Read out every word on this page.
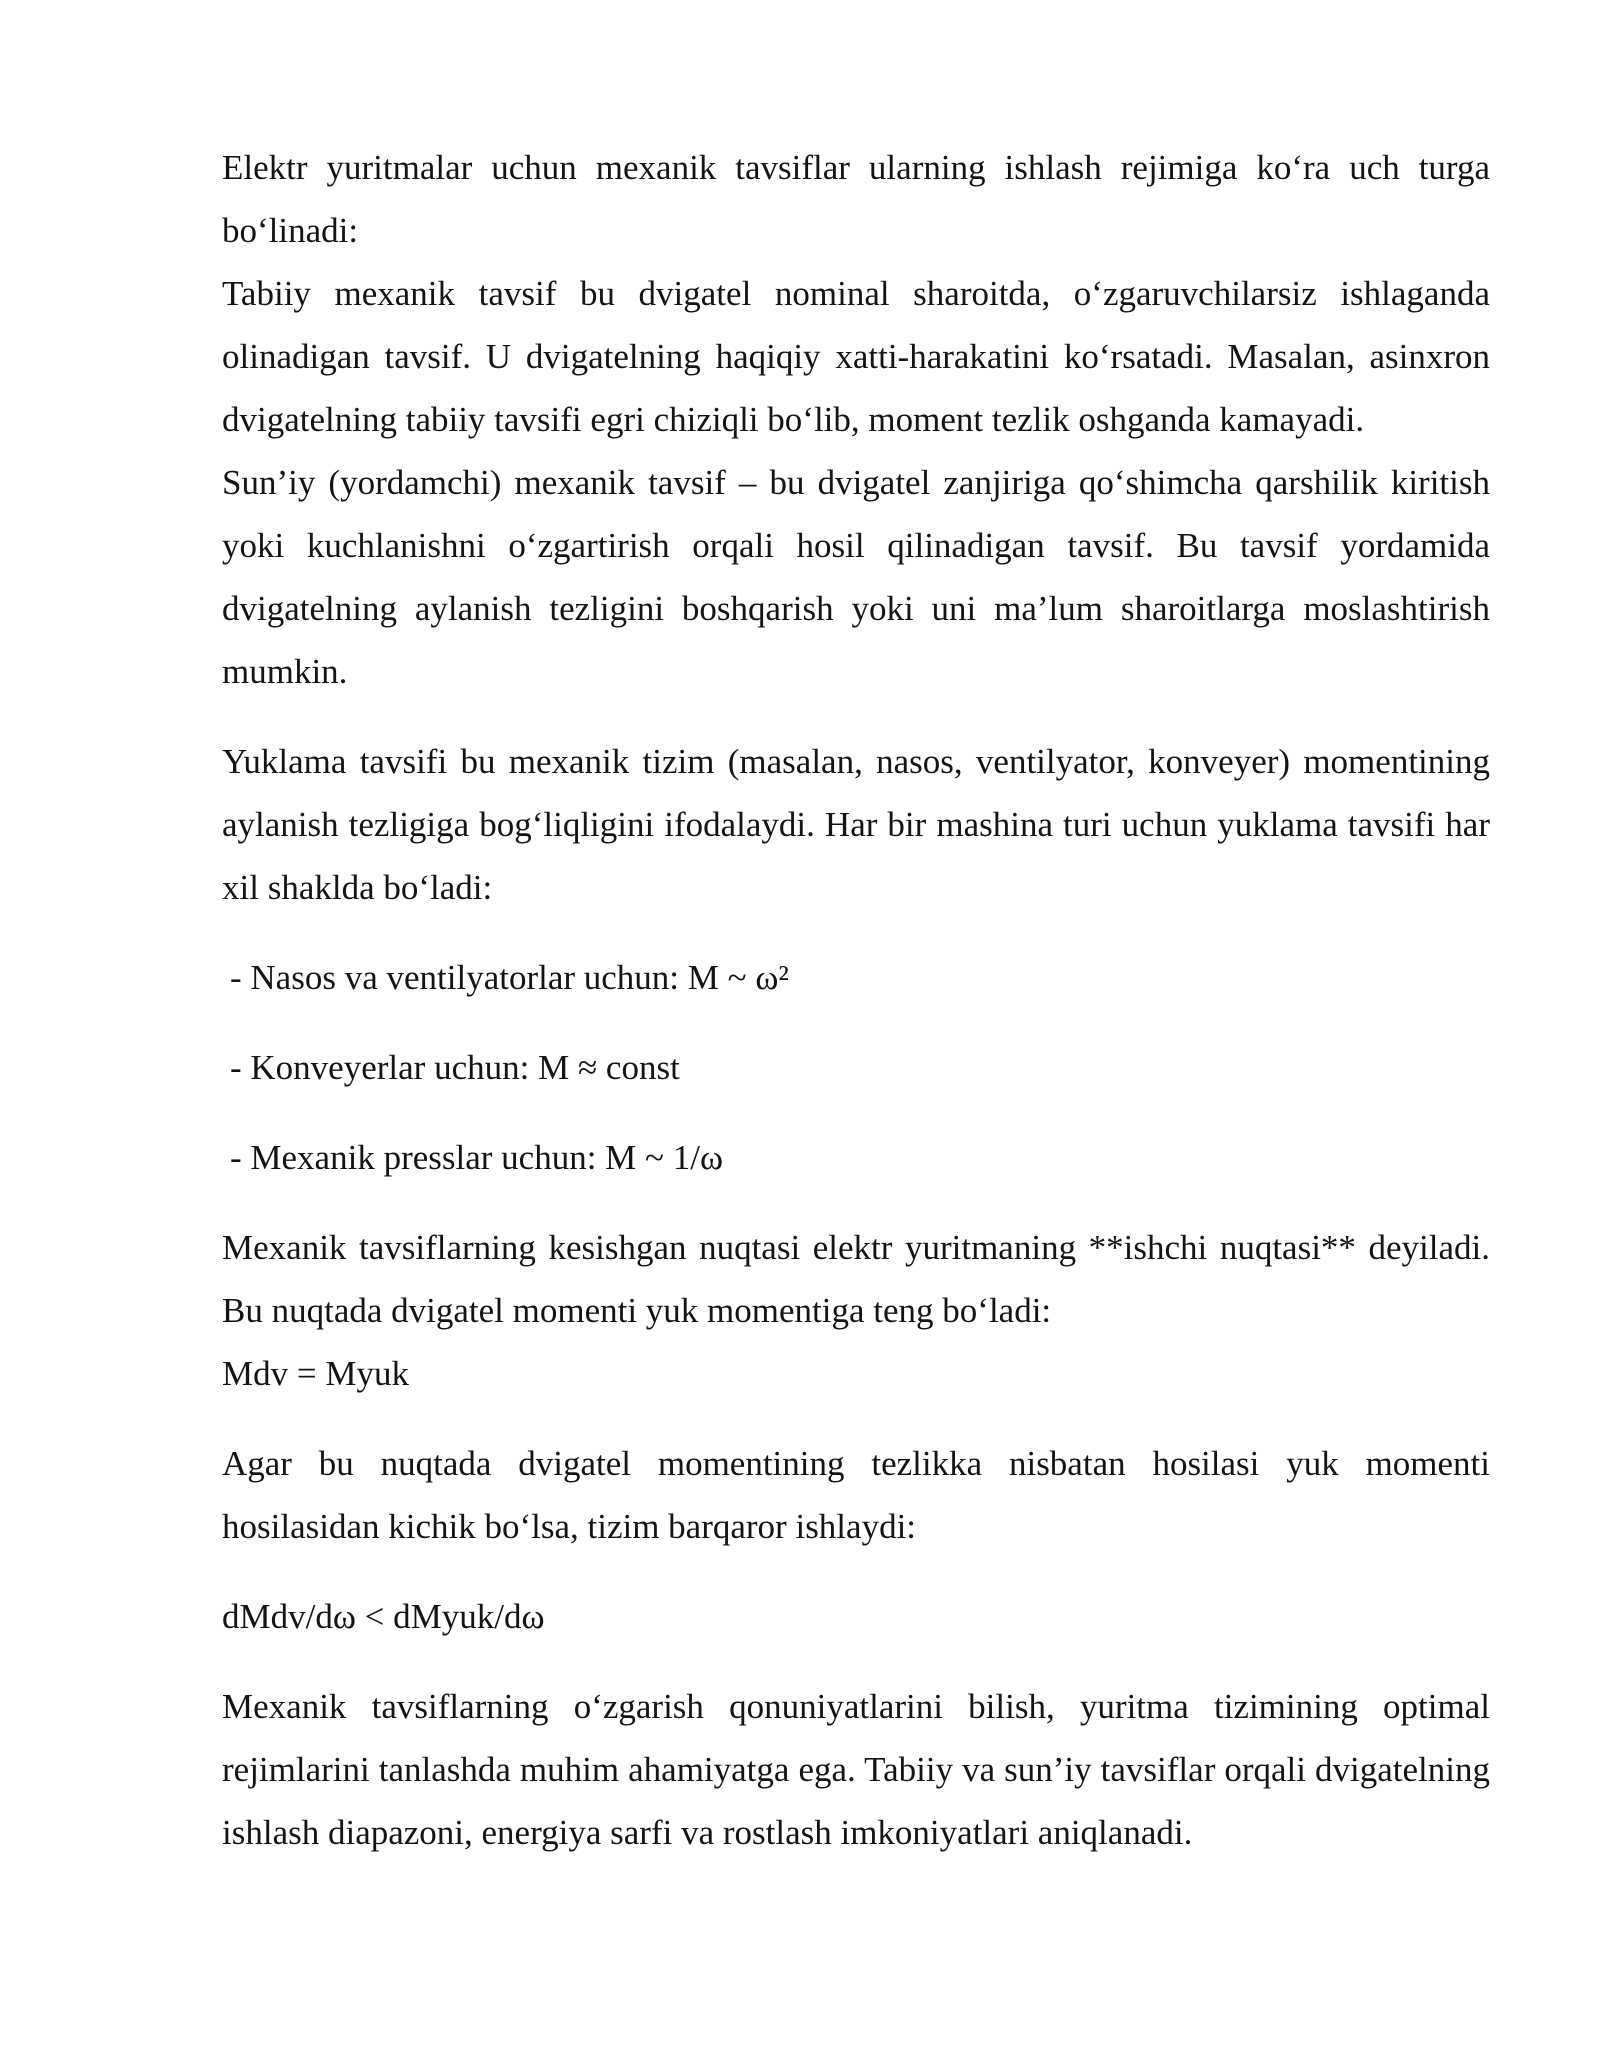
Elektr yuritmalar uchun mexanik tavsiflar ularning ishlash rejimiga ko‘ra uch turga bo‘linadi:

Tabiiy mexanik tavsif bu dvigatel nominal sharoitda, o‘zgaruvchilarsiz ishlaganda olinadigan tavsif. U dvigatelning haqiqiy xatti-harakatini ko‘rsatadi. Masalan, asinxron dvigatelning tabiiy tavsifi egri chiziqli bo‘lib, moment tezlik oshganda kamayadi.

Sun’iy (yordamchi) mexanik tavsif – bu dvigatel zanjiriga qo‘shimcha qarshilik kiritish yoki kuchlanishni o‘zgartirish orqali hosil qilinadigan tavsif. Bu tavsif yordamida dvigatelning aylanish tezligini boshqarish yoki uni ma’lum sharoitlarga moslashtirish mumkin.

Yuklama tavsifi bu mexanik tizim (masalan, nasos, ventilyator, konveyer) momentining aylanish tezligiga bog‘liqligini ifodalaydi. Har bir mashina turi uchun yuklama tavsifi har xil shaklda bo‘ladi:

- Nasos va ventilyatorlar uchun: M ~ ω²

- Konveyerlar uchun: M ≈ const

- Mexanik presslar uchun: M ~ 1/ω

Mexanik tavsiflarning kesishgan nuqtasi elektr yuritmaning **ishchi nuqtasi** deyiladi. Bu nuqtada dvigatel momenti yuk momentiga teng bo‘ladi:
Mdv = Myuk

Agar bu nuqtada dvigatel momentining tezlikka nisbatan hosilasi yuk momenti hosilasidan kichik bo‘lsa, tizim barqaror ishlaydi:

dMdv/dω < dMyuk/dω

Mexanik tavsiflarning o‘zgarish qonuniyatlarini bilish, yuritma tizimining optimal rejimlarini tanlashda muhim ahamiyatga ega. Tabiiy va sun’iy tavsiflar orqali dvigatelning ishlash diapazoni, energiya sarfi va rostlash imkoniyatlari aniqlanadi.
